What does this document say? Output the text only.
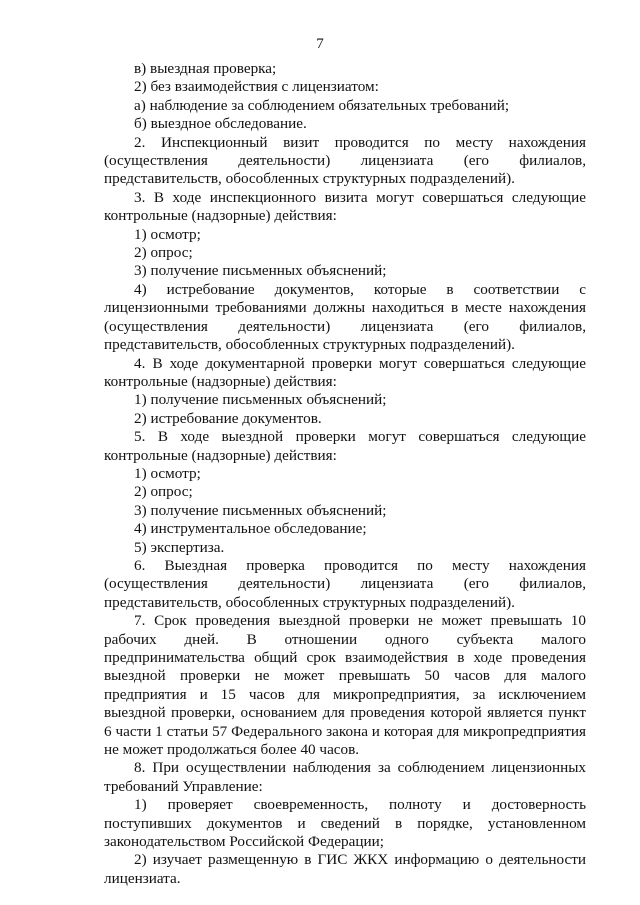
7

в) выездная проверка;

2) без взаимодействия с лицензиатом:

а) наблюдение за соблюдением обязательных требований;

б) выездное обследование.

2. Инспекционный визит проводится по месту нахождения (осуществления деятельности) лицензиата (его филиалов, представительств, обособленных структурных подразделений).

3. В ходе инспекционного визита могут совершаться следующие контрольные (надзорные) действия:

1) осмотр;

2) опрос;

3) получение письменных объяснений;

4) истребование документов, которые в соответствии с лицензионными требованиями должны находиться в месте нахождения (осуществления деятельности) лицензиата (его филиалов, представительств, обособленных структурных подразделений).

4. В ходе документарной проверки могут совершаться следующие контрольные (надзорные) действия:

1) получение письменных объяснений;

2) истребование документов.

5. В ходе выездной проверки могут совершаться следующие контрольные (надзорные) действия:

1) осмотр;

2) опрос;

3) получение письменных объяснений;

4) инструментальное обследование;

5) экспертиза.

6. Выездная проверка проводится по месту нахождения (осуществления деятельности) лицензиата (его филиалов, представительств, обособленных структурных подразделений).

7. Срок проведения выездной проверки не может превышать 10 рабочих дней. В отношении одного субъекта малого предпринимательства общий срок взаимодействия в ходе проведения выездной проверки не может превышать 50 часов для малого предприятия и 15 часов для микропредприятия, за исключением выездной проверки, основанием для проведения которой является пункт 6 части 1 статьи 57 Федерального закона и которая для микропредприятия не может продолжаться более 40 часов.

8. При осуществлении наблюдения за соблюдением лицензионных требований Управление:

1) проверяет своевременность, полноту и достоверность поступивших документов и сведений в порядке, установленном законодательством Российской Федерации;

2) изучает размещенную в ГИС ЖКХ информацию о деятельности лицензиата.
